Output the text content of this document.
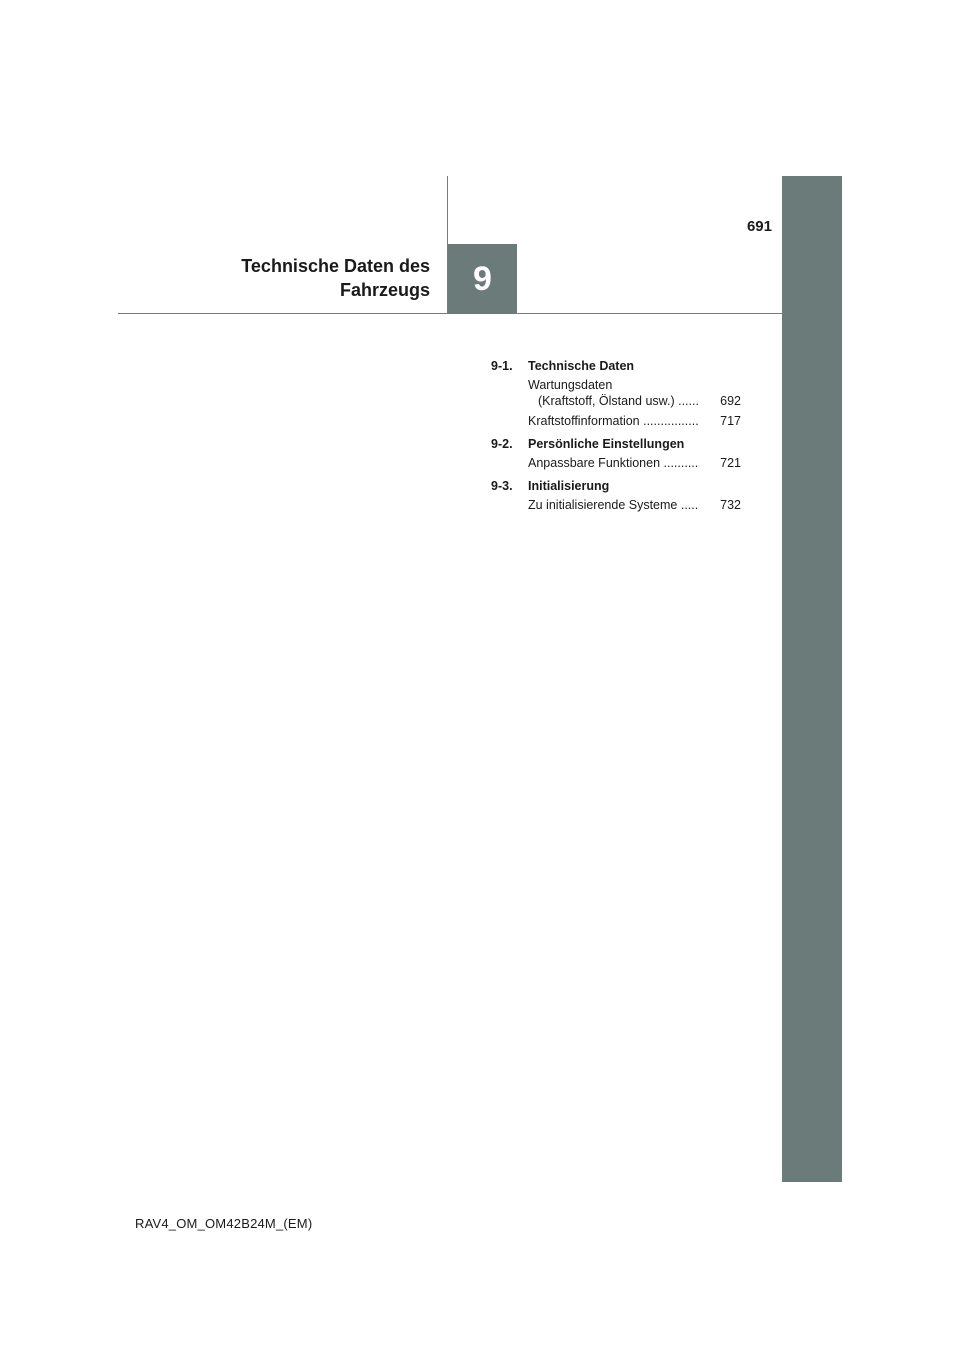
691
Technische Daten des
Fahrzeugs 9
9-1.	Technische Daten
Wartungsdaten
(Kraftstoff, Ölstand usw.) ...... 692
Kraftstoffinformation ................ 717
9-2.	Persönliche Einstellungen
Anpassbare Funktionen .......... 721
9-3.	Initialisierung
Zu initialisierende Systeme ..... 732
RAV4_OM_OM42B24M_(EM)
